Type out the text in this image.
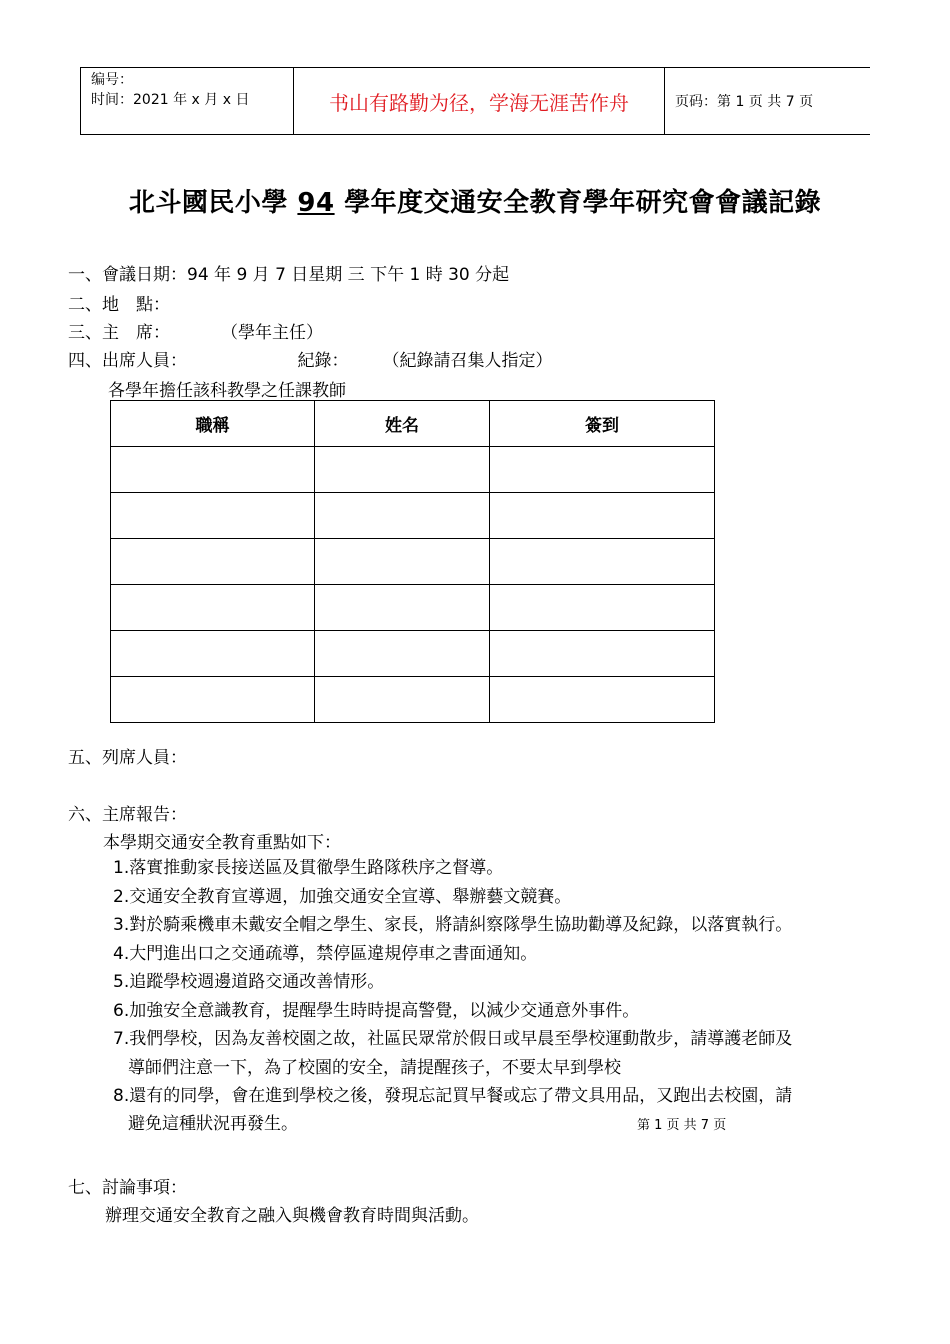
编号：
时间：2021 年 x 月 x 日	书山有路勤为径，学海无涯苦作舟	页码：第 1 页 共 7 页
北斗國民小學 94 學年度交通安全教育學年研究會會議記錄
一、會議日期：94 年 9 月 7 日星期 三 下午 1 時 30 分起
二、地　點：
三、主　席：　　　　（學年主任）
四、出席人員：　　　　　　　紀錄：　　　（紀錄請召集人指定）
各學年擔任該科教學之任課教師
職稱	姓名	簽到

五、列席人員：
六、主席報告：
本學期交通安全教育重點如下：
1.落實推動家長接送區及貫徹學生路隊秩序之督導。
2.交通安全教育宣導週，加強交通安全宣導、舉辦藝文競賽。
3.對於騎乘機車未戴安全帽之學生、家長，將請糾察隊學生協助勸導及紀錄，以落實執行。
4.大門進出口之交通疏導，禁停區違規停車之書面通知。
5.追蹤學校週邊道路交通改善情形。
6.加強安全意識教育，提醒學生時時提高警覺，以減少交通意外事件。
7.我們學校，因為友善校園之故，社區民眾常於假日或早晨至學校運動散步，請導護老師及
導師們注意一下，為了校園的安全，請提醒孩子，不要太早到學校
8.還有的同學，會在進到學校之後，發現忘記買早餐或忘了帶文具用品，又跑出去校園，請
避免這種狀況再發生。	第 1 页 共 7 页
七、討論事項：
辦理交通安全教育之融入與機會教育時間與活動。
